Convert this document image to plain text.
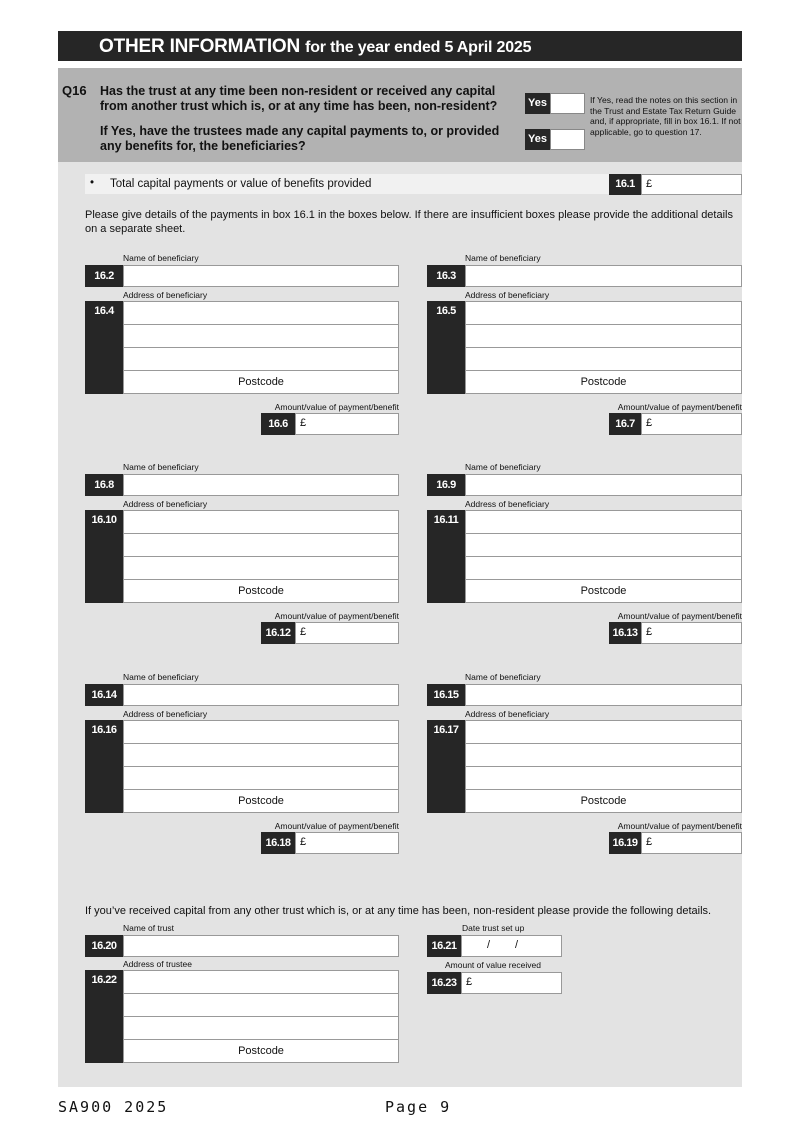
OTHER INFORMATION for the year ended 5 April 2025
Q16 Has the trust at any time been non-resident or received any capital from another trust which is, or at any time has been, non-resident?
If Yes, have the trustees made any capital payments to, or provided any benefits for, the beneficiaries?
Yes
Yes
If Yes, read the notes on this section in the Trust and Estate Tax Return Guide and, if appropriate, fill in box 16.1. If not applicable, go to question 17.
• Total capital payments or value of benefits provided	16.1	£
Please give details of the payments in box 16.1 in the boxes below. If there are insufficient boxes please provide the additional details on a separate sheet.
Name of beneficiary
16.2
Address of beneficiary
16.4
Postcode
Amount/value of payment/benefit
16.6	£
Name of beneficiary
16.3
Address of beneficiary
16.5
Postcode
Amount/value of payment/benefit
16.7	£
Name of beneficiary
16.8
Address of beneficiary
16.10
Postcode
Amount/value of payment/benefit
16.12 £
Name of beneficiary
16.9
Address of beneficiary
16.11
Postcode
Amount/value of payment/benefit
16.13 £
Name of beneficiary
16.14
Address of beneficiary
16.16
Postcode
Amount/value of payment/benefit
16.18 £
Name of beneficiary
16.15
Address of beneficiary
16.17
Postcode
Amount/value of payment/benefit
16.19 £
If you’ve received capital from any other trust which is, or at any time has been, non-resident please provide the following details.
Name of trust
16.20
Address of trustee
16.22
Postcode
Date trust set up
16.21	/ /
Amount of value received
16.23 £
SA900 2025	Page 9
